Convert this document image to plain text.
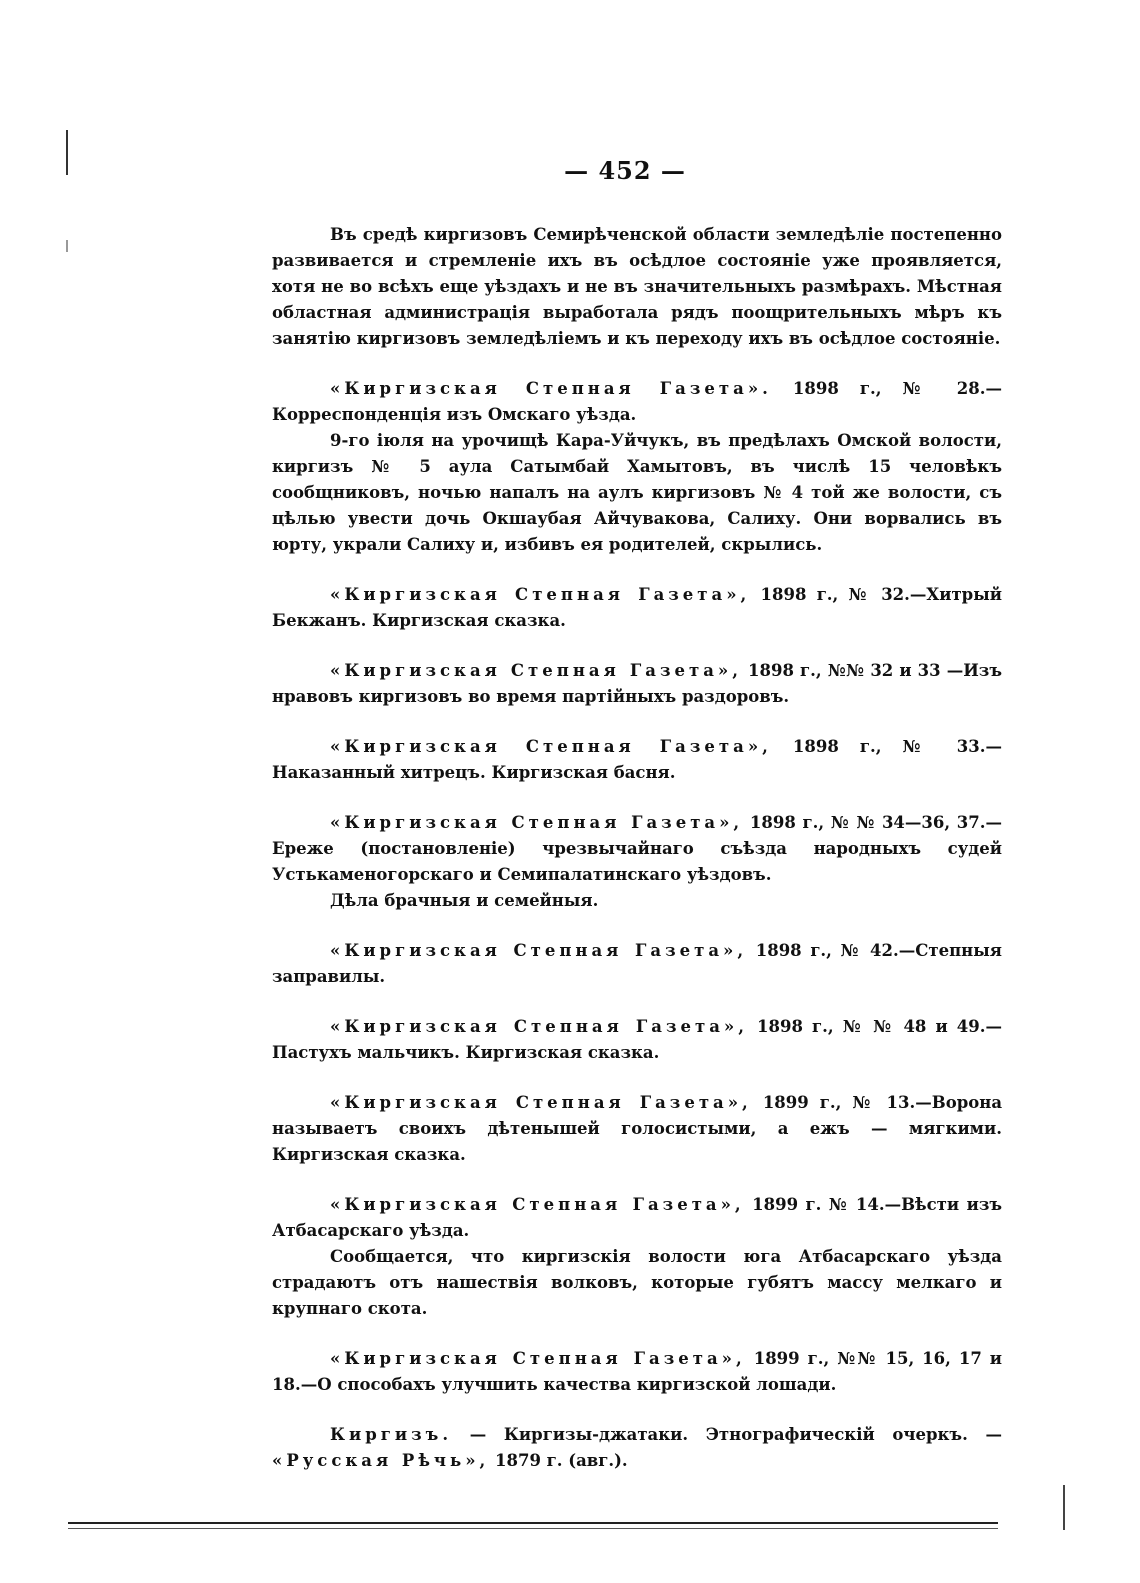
— 452 —

Въ средѣ киргизовъ Семирѣченской области земледѣліе постепенно развивается и стремленіе ихъ въ осѣдлое состояніе уже проявляется, хотя не во всѣхъ еще уѣздахъ и не въ значительныхъ размѣрахъ. Мѣстная областная администрація выработала рядъ поощрительныхъ мѣръ къ занятію киргизовъ земледѣліемъ и къ переходу ихъ въ осѣдлое состояніе.

«Киргизская Степная Газета». 1898 г., № 28.—Корреспонденція изъ Омскаго уѣзда.

9-го іюля на урочищѣ Кара-Уйчукъ, въ предѣлахъ Омской волости, киргизъ № 5 аула Сатымбай Хамытовъ, въ числѣ 15 человѣкъ сообщниковъ, ночью напалъ на аулъ киргизовъ № 4 той же волости, съ цѣлью увести дочь Окшаубая Айчувакова, Салиху. Они ворвались въ юрту, украли Салиху и, избивъ ея родителей, скрылись.

«Киргизская Степная Газета», 1898 г., № 32.—Хитрый Бекжанъ. Киргизская сказка.

«Киргизская Степная Газета», 1898 г., №№ 32 и 33 —Изъ нравовъ киргизовъ во время партійныхъ раздоровъ.

«Киргизская Степная Газета», 1898 г., № 33.—Наказанный хитрецъ. Киргизская басня.

«Киргизская Степная Газета», 1898 г., № № 34—36, 37.—Ереже (постановленіе) чрезвычайнаго съѣзда народныхъ судей Устькаменогорскаго и Семипалатинскаго уѣздовъ.

Дѣла брачныя и семейныя.

«Киргизская Степная Газета», 1898 г., № 42.—Степныя заправилы.

«Киргизская Степная Газета», 1898 г., № № 48 и 49.—Пастухъ мальчикъ. Киргизская сказка.

«Киргизская Степная Газета», 1899 г., № 13.—Ворона называетъ своихъ дѣтенышей голосистыми, а ежъ — мягкими. Киргизская сказка.

«Киргизская Степная Газета», 1899 г. № 14.—Вѣсти изъ Атбасарскаго уѣзда.

Сообщается, что киргизскія волости юга Атбасарскаго уѣзда страдаютъ отъ нашествія волковъ, которые губятъ массу мелкаго и крупнаго скота.

«Киргизская Степная Газета», 1899 г., №№ 15, 16, 17 и 18.—О способахъ улучшить качества киргизской лошади.

Киргизъ. — Киргизы-джатаки. Этнографическій очеркъ. — «Русская Рѣчь», 1879 г. (авг.).
